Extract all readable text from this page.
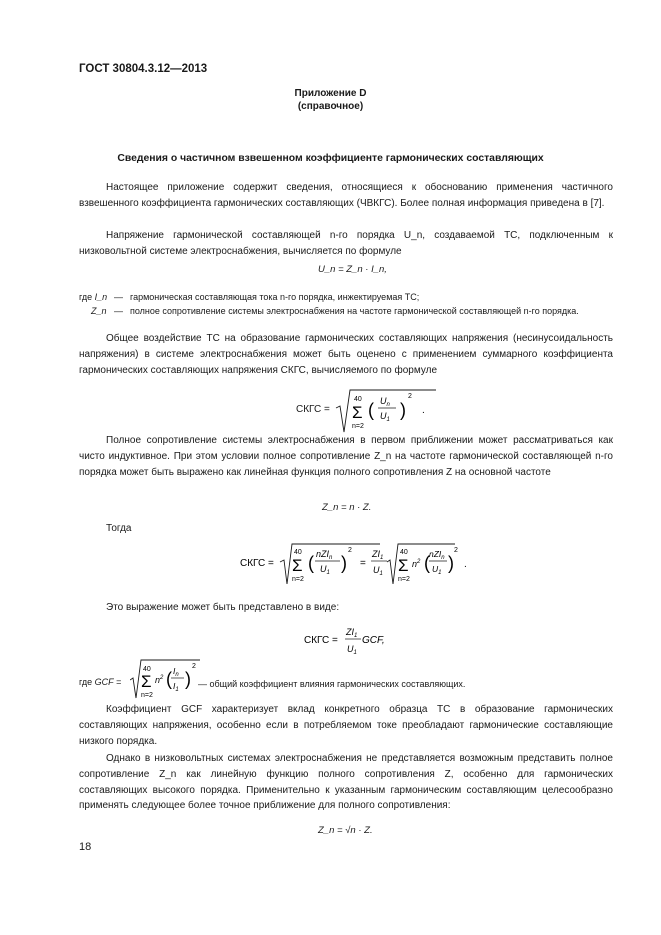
ГОСТ 30804.3.12—2013
Приложение D
(справочное)
Сведения о частичном взвешенном коэффициенте гармонических составляющих
Настоящее приложение содержит сведения, относящиеся к обоснованию применения частичного взвешенного коэффициента гармонических составляющих (ЧВКГС). Более полная информация приведена в [7].
Напряжение гармонической составляющей n-го порядка U_n, создаваемой ТС, подключенным к низковольтной системе электроснабжения, вычисляется по формуле
U_n = Z_n · I_n,
где I_n — гармоническая составляющая тока n-го порядка, инжектируемая ТС;
Z_n — полное сопротивление системы электроснабжения на частоте гармонической составляющей n-го порядка.
Общее воздействие ТС на образование гармонических составляющих напряжения (несинусоидальность напряжения) в системе электроснабжения может быть оценено с применением суммарного коэффициента гармонических составляющих напряжения СКГС, вычисляемого по формуле
СКГС =
40
Σ
n=2
( $U_n$
$U_1$ )
2
.
Полное сопротивление системы электроснабжения в первом приближении может рассматриваться как чисто индуктивное. При этом условии полное сопротивление Z_n на частоте гармонической составляющей n-го порядка может быть выражено как линейная функция полного сопротивления Z на основной частоте
Z_n = n · Z.
Тогда
СКГС =
40
Σ
n=2
( nZI$_n$
$U_1$ )
2
=
$ZI_1$
$U_1$
40
Σ
n=2
$n^2$ ( nZI$_n$
$U_1$ )
2
.
Это выражение может быть представлено в виде:
СКГС =
$ZI_1$
$U_1$
GCF,
где GCF =
40
Σ
n=2
$n^2$ ( $I_n$
$I_1$
)
2
— общий коэффициент влияния гармонических составляющих.
Коэффициент GCF характеризует вклад конкретного образца ТС в образование гармонических составляющих напряжения, особенно если в потребляемом токе преобладают гармонические составляющие низкого порядка.
Однако в низковольтных системах электроснабжения не представляется возможным представить полное сопротивление Z_n как линейную функцию полного сопротивления Z, особенно для гармонических составляющих высокого порядка. Применительно к указанным гармоническим составляющим целесообразно применять следующее более точное приближение для полного сопротивления:
Z_n = √n · Z.
18
